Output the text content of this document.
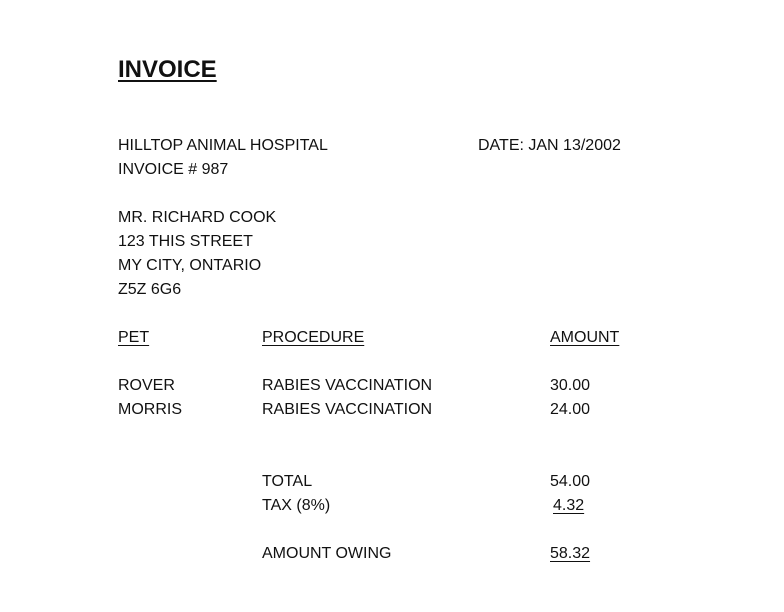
INVOICE
HILLTOP ANIMAL HOSPITAL	DATE: JAN 13/2002
INVOICE # 987
MR. RICHARD COOK
123 THIS STREET
MY CITY, ONTARIO
Z5Z 6G6
PET	PROCEDURE	AMOUNT
ROVER	RABIES VACCINATION	30.00
MORRIS	RABIES VACCINATION	24.00
TOTAL	54.00
TAX (8%)	4.32
AMOUNT OWING	58.32
